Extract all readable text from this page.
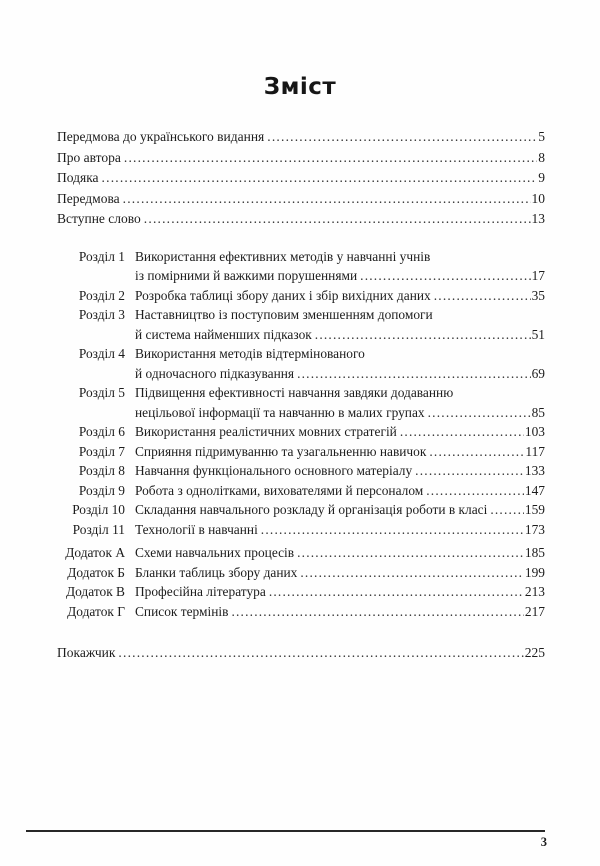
Зміст
Передмова до українського видання .....	5
Про автора .....	8
Подяка .....	9
Передмова .....	10
Вступне слово .....	13
Розділ 1 Використання ефективних методів у навчанні учнів
із помірними й важкими порушеннями .....	17
Розділ 2 Розробка таблиці збору даних і збір вихідних даних .....	35
Розділ 3 Наставництво із поступовим зменшенням допомоги
й система найменших підказок .....	51
Розділ 4 Використання методів відтермінованого
й одночасного підказування .....	69
Розділ 5 Підвищення ефективності навчання завдяки додаванню
нецільової інформації та навчанню в малих групах .....	85
Розділ 6 Використання реалістичних мовних стратегій .....	103
Розділ 7 Сприяння підримуванню та узагальненню навичок .....	117
Розділ 8 Навчання функціонального основного матеріалу .....	133
Розділ 9 Робота з однолітками, вихователями й персоналом .....	147
Розділ 10 Складання навчального розкладу й організація роботи в класі .....	159
Розділ 11 Технології в навчанні .....	173
Додаток А Схеми навчальних процесів .....	185
Додаток Б Бланки таблиць збору даних .....	199
Додаток В Професійна література .....	213
Додаток Г Список термінів .....	217
Покажчик .....	225
3
